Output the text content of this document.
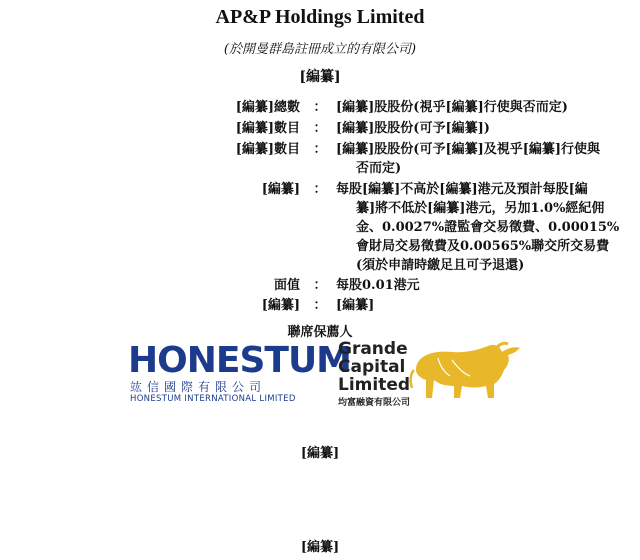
AP&P Holdings Limited
(於開曼群島註冊成立的有限公司)
[編纂]
[編纂]總數 ： [編纂]股股份(視乎[編纂]行使與否而定)
[編纂]數目 ： [編纂]股股份(可予[編纂])
[編纂]數目 ： [編纂]股股份(可予[編纂]及視乎[編纂]行使與
否而定)
[編纂] ： 每股[編纂]不高於[編纂]港元及預計每股[編
纂]將不低於[編纂]港元，另加1.0%經紀佣
金、0.0027%證監會交易徵費、0.00015%
會財局交易徵費及0.00565%聯交所交易費
(須於申請時繳足且可予退還)
面值 ： 每股0.01港元
[編纂] ： [編纂]
聯席保薦人
HONESTUM
竑信國際有限公司
HONESTUM INTERNATIONAL LIMITED
Grande
Capital
Limited
均富融資有限公司
[編纂]
[編纂]
